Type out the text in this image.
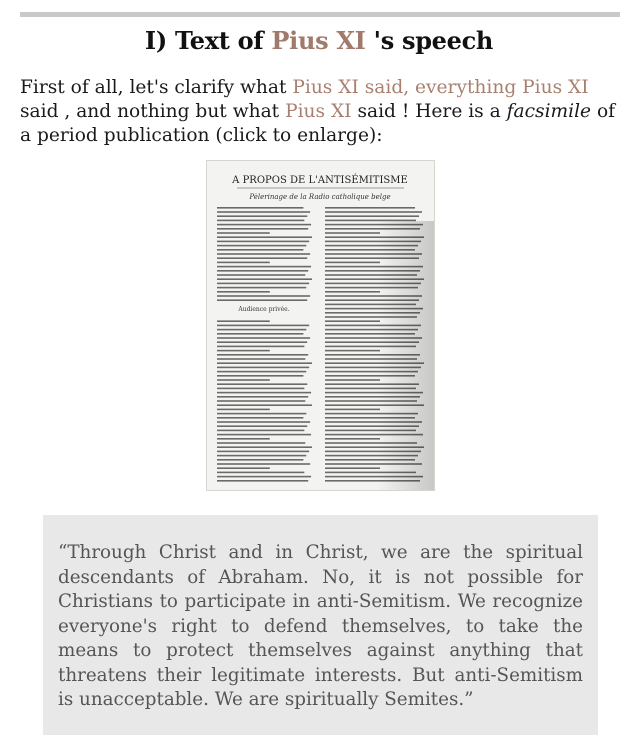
I) Text of Pius XI 's speech

First of all, let's clarify what Pius XI said, everything Pius XI said , and nothing but what Pius XI said ! Here is a facsimile of a period publication (click to enlarge):

A PROPOS DE L'ANTISÉMITISME
Pèlerinage de la Radio catholique belge
Audience privée.

“Through Christ and in Christ, we are the spiritual descendants of Abraham. No, it is not possible for Christians to participate in anti-Semitism. We recognize everyone's right to defend themselves, to take the means to protect themselves against anything that threatens their legitimate interests. But anti-Semitism is unacceptable. We are spiritually Semites.”
